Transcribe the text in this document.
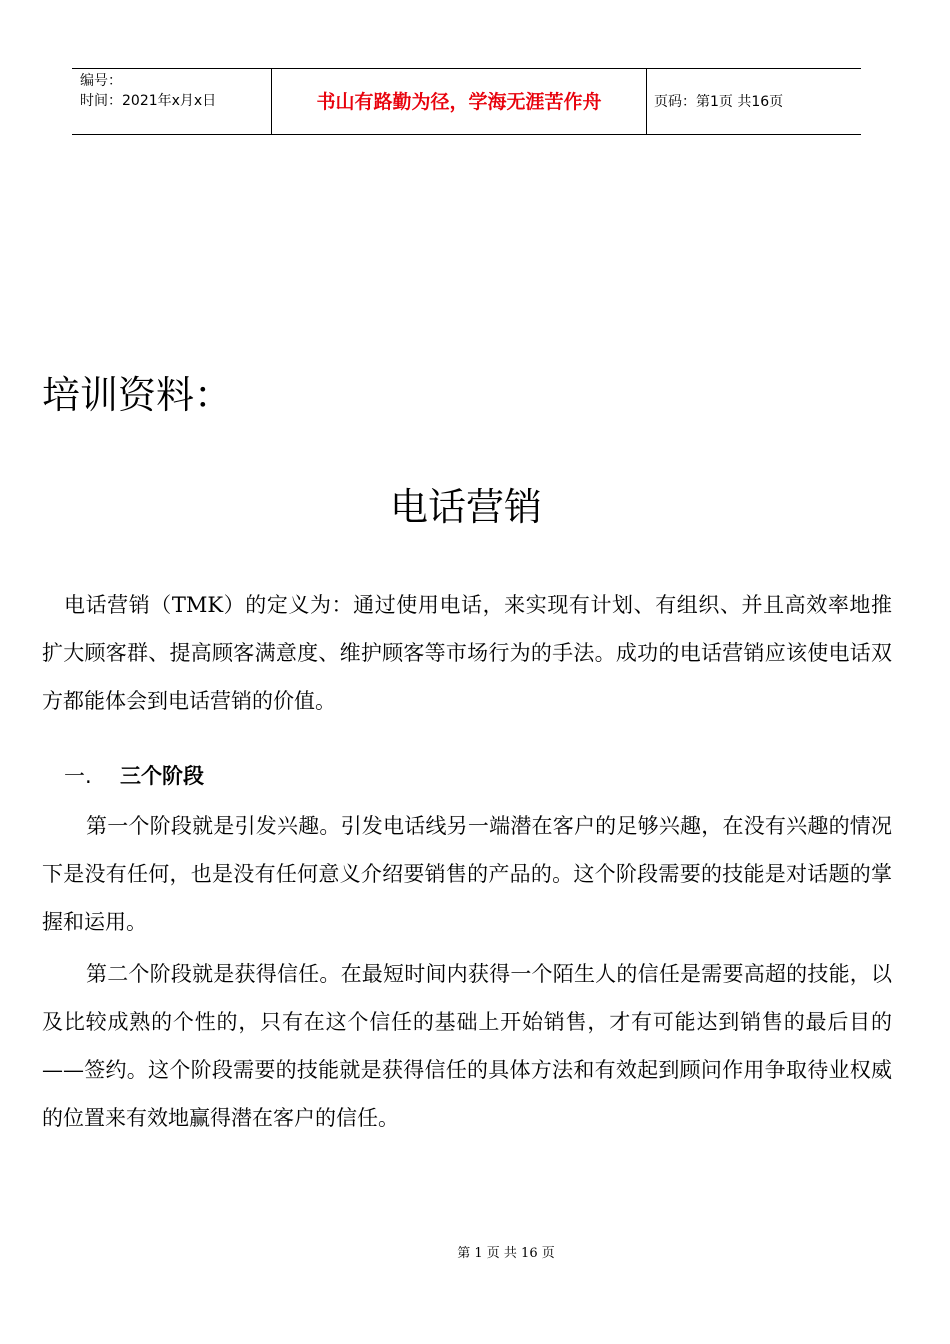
编号：
时间：2021年x月x日	书山有路勤为径，学海无涯苦作舟	页码：第1页 共16页
培训资料：
电话营销

电话营销（TMK）的定义为：通过使用电话，来实现有计划、有组织、并且高效率地推扩大顾客群、提高顾客满意度、维护顾客等市场行为的手法。成功的电话营销应该使电话双方都能体会到电话营销的价值。

一. 三个阶段

第一个阶段就是引发兴趣。引发电话线另一端潜在客户的足够兴趣，在没有兴趣的情况下是没有任何，也是没有任何意义介绍要销售的产品的。这个阶段需要的技能是对话题的掌握和运用。

第二个阶段就是获得信任。在最短时间内获得一个陌生人的信任是需要高超的技能，以及比较成熟的个性的，只有在这个信任的基础上开始销售，才有可能达到销售的最后目的——签约。这个阶段需要的技能就是获得信任的具体方法和有效起到顾问作用争取待业权威的位置来有效地赢得潜在客户的信任。

第 1 页 共 16 页
